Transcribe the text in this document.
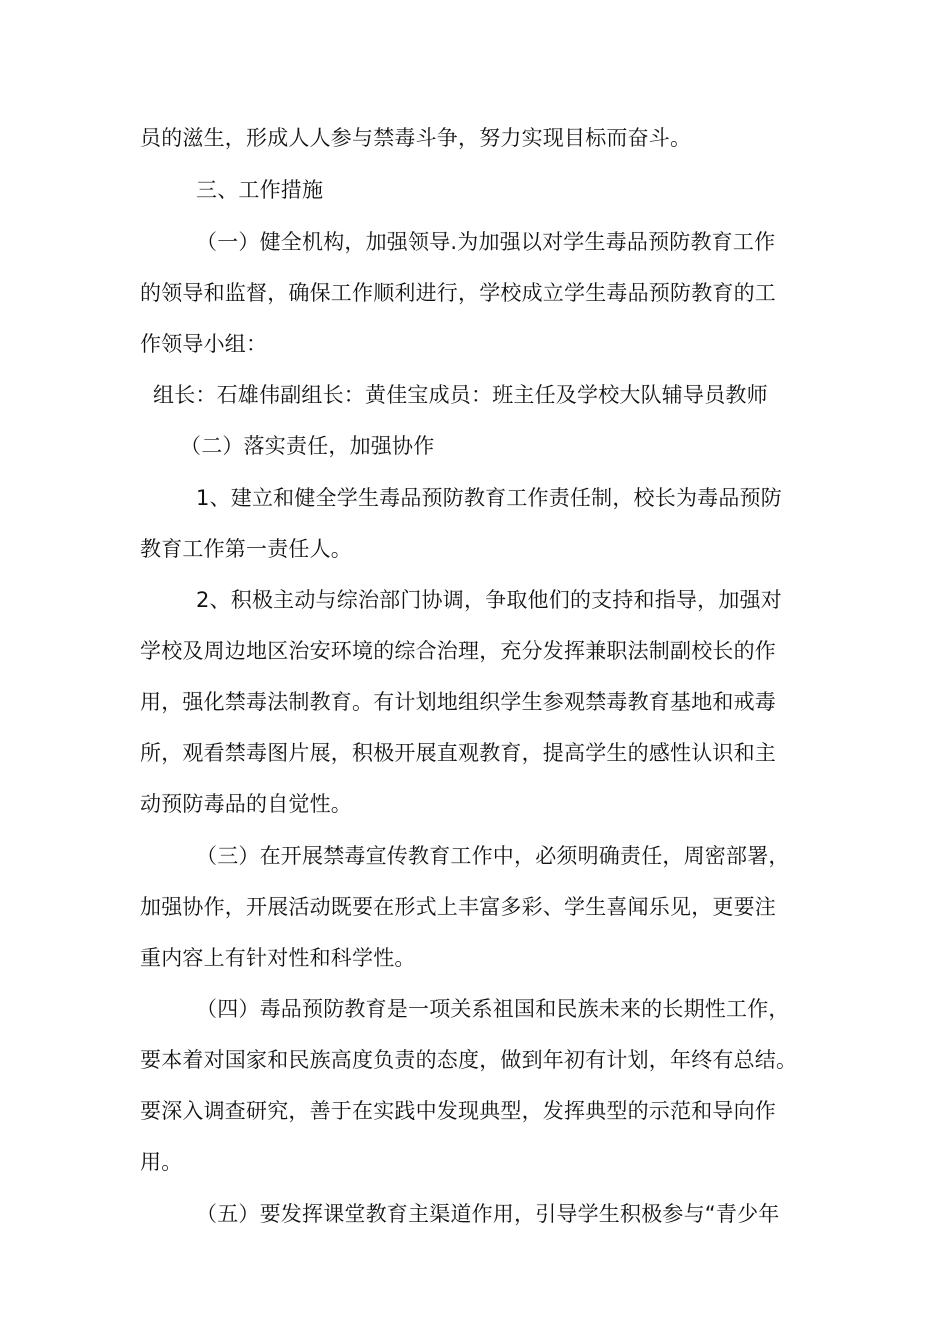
员的滋生，形成人人参与禁毒斗争，努力实现目标而奋斗。
三、工作措施
（一）健全机构，加强领导.为加强以对学生毒品预防教育工作
的领导和监督，确保工作顺利进行，学校成立学生毒品预防教育的工
作领导小组：
组长：石雄伟副组长：黄佳宝成员：班主任及学校大队辅导员教师
（二）落实责任，加强协作
1、建立和健全学生毒品预防教育工作责任制，校长为毒品预防
教育工作第一责任人。
2、积极主动与综治部门协调，争取他们的支持和指导，加强对
学校及周边地区治安环境的综合治理，充分发挥兼职法制副校长的作
用，强化禁毒法制教育。有计划地组织学生参观禁毒教育基地和戒毒
所，观看禁毒图片展，积极开展直观教育，提高学生的感性认识和主
动预防毒品的自觉性。
（三）在开展禁毒宣传教育工作中，必须明确责任，周密部署，
加强协作，开展活动既要在形式上丰富多彩、学生喜闻乐见，更要注
重内容上有针对性和科学性。
（四）毒品预防教育是一项关系祖国和民族未来的长期性工作，
要本着对国家和民族高度负责的态度，做到年初有计划，年终有总结。
要深入调查研究，善于在实践中发现典型，发挥典型的示范和导向作
用。
（五）要发挥课堂教育主渠道作用，引导学生积极参与“青少年
